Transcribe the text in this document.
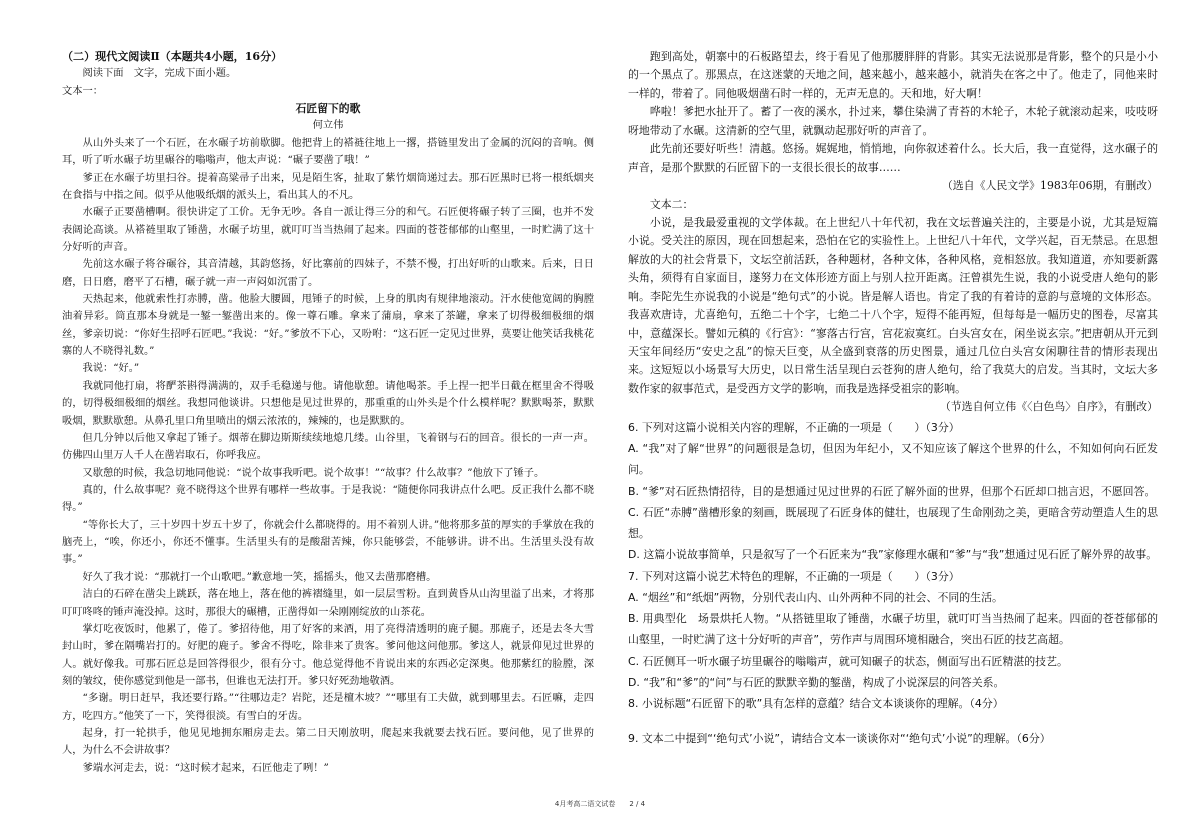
（二）现代文阅读Ⅱ（本题共4小题，16分）

阅读下面　文字，完成下面小题。

文本一：

石匠留下的歌

何立伟

从山外头来了一个石匠，在水碾子坊前歇脚。他把背上的褡裢往地上一撂，搭链里发出了金属的沉闷的音响。侧耳，听了听水碾子坊里碾谷的嗡嗡声，他太声说：“碾子要凿了哦！”

爹正在水碾子坊里扫谷。提着高粱帚子出来，见是陌生客，扯取了紫竹烟筒递过去。那石匠黑时已将一根纸烟夹在食指与中指之间。似乎从他吸纸烟的派头上，看出其人的不凡。

水碾子正要凿槽啊。很快讲定了工价。无争无吵。各自一派让得三分的和气。石匠便将碾子转了三圈，也并不发表阔论高谈。从褡裢里取了锤凿，水碾子坊里，就叮叮当当热闹了起来。四面的苍苍郁郁的山壑里，一时贮满了这十分好听的声音。

先前这水碾子将谷碾谷，其音清越，其韵悠扬，好比寨前的四妹子，不禁不慢，打出好听的山歌来。后来，日日磨，日日磨，磨平了石槽，碾子就一声一声闷如沉雷了。

天热起来，他就索性打赤膊，凿。他脸大腰圆，甩锤子的时候，上身的肌肉有规律地滚动。汗水使他宽阔的胸膛油着异彩。筒直那本身就是一錾一錾凿出来的。像一尊石雕。拿来了蒲扇，拿来了茶罐，拿来了切得极细极细的烟丝，爹亲切说：“你好生招呼石匠吧。”我说：“好。”爹放不下心，又吩咐：“这石匠一定见过世界，莫要让他笑话我桃花寨的人不晓得礼数。”

我说：“好。”

我就同他打扇，将酽茶斟得满满的，双手毛稳递与他。请他歇憩。请他喝茶。手上捏一把半日截在框里舍不得吸的，切得极细极细的烟丝。我想同他谈讲。只想他是见过世界的，那重重的山外头是个什么模样呢？默默喝茶，默默吸烟，默默歇憩。从鼻孔里口角里喷出的烟云浓浓的，辣辣的，也是默默的。

但几分钟以后他又拿起了锤子。烟蒂在脚边斯斯续续地熄几缕。山谷里，飞着钢与石的回音。很长的一声一声。仿佛四山里万人千人在凿岩取石，你呼我应。

又歇憩的时候，我急切地同他说：“说个故事我听吧。说个故事！”“故事？什么故事？”他放下了锤子。

真的，什么故事呢？竟不晓得这个世界有哪样一些故事。于是我说：“随便你同我讲点什么吧。反正我什么都不晓得。”

“等你长大了，三十岁四十岁五十岁了，你就会什么都晓得的。用不着别人讲。”他将那多茧的厚实的手掌放在我的脑壳上，“唉，你还小，你还不懂事。生活里头有的是酸甜苦辣，你只能够尝，不能够讲。讲不出。生活里头没有故事。”

好久了我才说：“那就打一个山歌吧。”歉意地一笑，摇摇头，他又去凿那磨槽。

洁白的石碎在凿尖上跳跃，落在地上，落在他的裤褶缝里，如一层层雪粉。直到黄昏从山沟里溢了出来，才将那叮叮咚咚的锤声淹没掉。这时，那很大的碾槽，正凿得如一朵刚刚绽放的山茶花。

掌灯吃夜饭时，他累了，倦了。爹招待他，用了好客的来酒，用了亮得清透明的鹿子腿。那鹿子，还是去冬大雪封山时，爹在隔嘴岩打的。好肥的鹿子。爹舍不得吃，除非来了贵客。爹问他这问他那。爹这人，就景仰见过世界的人。就好像我。可那石匠总是回答得很少，很有分寸。他总觉得他不肯说出来的东西必定深奥。他那紫红的脸膛，深刻的皱纹，使你感觉到他是一部书，但谁也无法打开。爹只好死劲地敬酒。

“多谢。明日赶早，我还要行路。”“往哪边走？岩陀，还是檀木坡？”“哪里有工夫做，就到哪里去。石匠嘛，走四方，吃四方。”他笑了一下，笑得很淡。有雪白的牙齿。

起身，打一轮拱手，他见见地拥东厢房走去。第二日天刚放明，爬起来我就要去找石匠。要问他，见了世界的人，为什么不会讲故事？

爹端水河走去，说：“这时候才起来，石匠他走了咧！”

跑到高处，朝寨中的石板路望去，终于看见了他那腰胖胖的背影。其实无法说那是背影，整个的只是小小的一个黑点了。那黑点，在这迷蒙的天地之间，越来越小，越来越小，就消失在客之中了。他走了，同他来时一样的，带着了。同他吸烟凿石时一样的，无声无息的。天和地，好大啊！

哗啦！爹把水扯开了。蓄了一夜的溪水，扑过来，攀住染满了青苔的木轮子，木轮子就滚动起来，吱吱呀呀地带动了水碾。这清新的空气里，就飘动起那好听的声音了。

此先前还要好听些！清越。悠扬。娓娓地，悄悄地，向你叙述着什么。长大后，我一直觉得，这水碾子的声音，是那个默默的石匠留下的一支很长很长的故事……

（选自《人民文学》1983年06期，有删改）

文本二：

小说，是我最爱重视的文学体裁。在上世纪八十年代初，我在文坛普遍关注的，主要是小说，尤其是短篇小说。受关注的原因，现在回想起来，恐怕在它的实验性上。上世纪八十年代，文学兴起，百无禁忌。在思想解放的大的社会背景下，文坛空前活跃，各种题材，各种文体，各种风格，竞相怒放。我知道道，亦知要新露头角，须得有自家面目，遂努力在文体形迹方面上与别人拉开距离。汪曾祺先生说，我的小说受唐人绝句的影响。李陀先生亦说我的小说是“绝句式”的小说。皆是解人语也。肯定了我的有着诗的意韵与意境的文体形态。我喜欢唐诗，尤喜绝句，五绝二十个字，七绝二十八个字，短得不能再短，但每每是一幅历史的图卷，尽富其中，意蕴深长。譬如元稹的《行宫》：“寥落古行宫，宫花寂寞红。白头宫女在，闲坐说玄宗。”把唐朝从开元到天宝年间经历“安史之乱”的惊天巨变，从全盛到衰落的历史图景，通过几位白头宫女闲聊往昔的情形表现出来。这短短以小场景写大历史，以日常生活呈现白云苍狗的唐人绝句，给了我莫大的启发。当其时，文坛大多数作家的叙事范式，是受西方文学的影响，而我是选择受祖宗的影响。

（节选自何立伟《〈白色鸟〉自序》，有删改）

6. 下列对这篇小说相关内容的理解，不正确的一项是（　　）（3分）

A. “我”对了解“世界”的问题很是急切，但因为年纪小，又不知应该了解这个世界的什么，不知如何向石匠发问。

B. “爹”对石匠热情招待，目的是想通过见过世界的石匠了解外面的世界，但那个石匠却口拙言迟，不愿回答。

C. 石匠“赤膊”凿槽形象的刻画，既展现了石匠身体的健壮，也展现了生命刚劲之美，更暗含劳动塑造人生的思想。

D. 这篇小说故事简单，只是叙写了一个石匠来为“我”家修理水碾和“爹”与“我”想通过见石匠了解外界的故事。

7. 下列对这篇小说艺术特色的理解，不正确的一项是（　　）（3分）

A. “烟丝”和“纸烟”两物，分别代表山内、山外两种不同的社会、不同的生活。

B. 用典型化　场景烘托人物。“从搭链里取了锤凿，水碾子坊里，就叮叮当当热闹了起来。四面的苍苍郁郁的山壑里，一时贮满了这十分好听的声音”，劳作声与周围环境相融合，突出石匠的技艺高超。

C. 石匠侧耳一听水碾子坊里碾谷的嗡嗡声，就可知碾子的状态，侧面写出石匠精湛的技艺。

D. “我”和“爹”的“问”与石匠的默默辛勤的錾凿，构成了小说深层的问答关系。

8. 小说标题“石匠留下的歌”具有怎样的意蕴？结合文本谈谈你的理解。（4分）

9. 文本二中提到“‘绝句式’小说”，请结合文本一谈谈你对“‘绝句式’小说”的理解。（6分）

4月考高二语文试卷　　2 / 4
